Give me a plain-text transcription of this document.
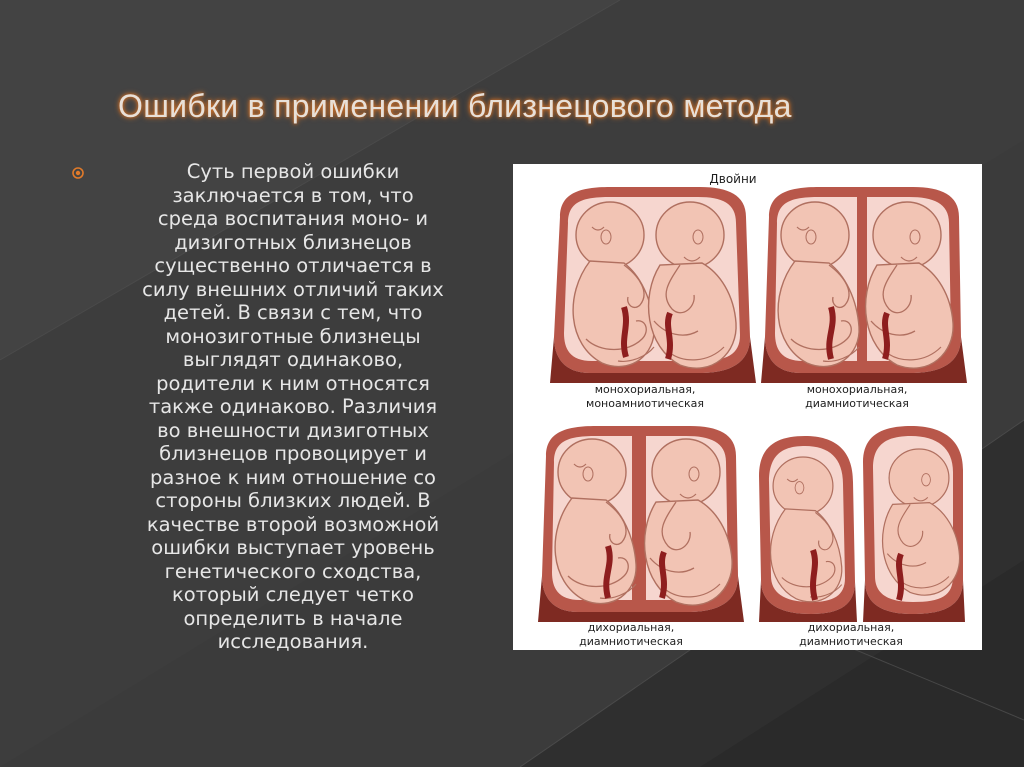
Ошибки в применении близнецового метода
Суть первой ошибки
заключается в том, что
среда воспитания моно- и
дизиготных близнецов
существенно отличается в
силу внешних отличий таких
детей. В связи с тем, что
монозиготные близнецы
выглядят одинаково,
родители к ним относятся
также одинаково. Различия
во внешности дизиготных
близнецов провоцирует и
разное к ним отношение со
стороны близких людей. В
качестве второй возможной
ошибки выступает уровень
генетического сходства,
который следует четко
определить в начале
исследования.
Двойни
монохориальная,
моноамниотическая
монохориальная,
диамниотическая
дихориальная,
диамниотическая
дихориальная,
диамниотическая
